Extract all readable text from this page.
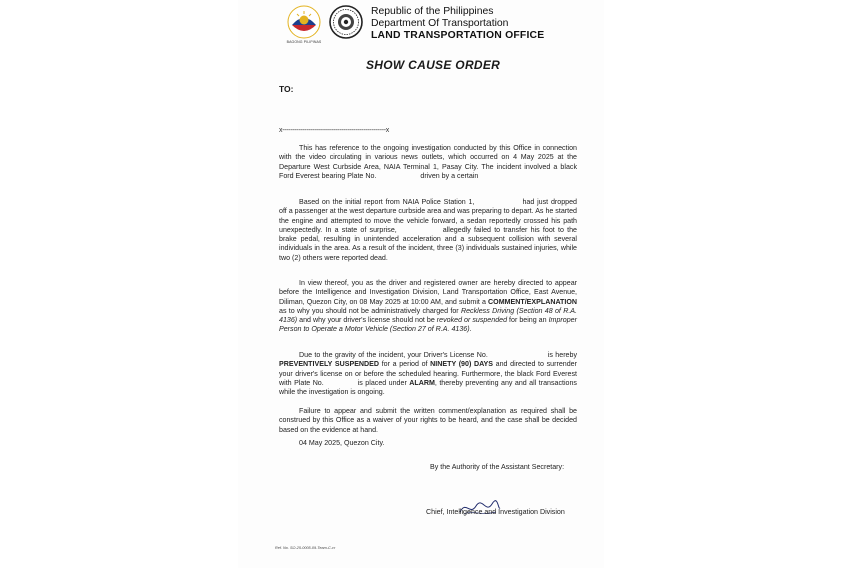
BAGONG PILIPINAS
Republic of the Philippines
Department Of Transportation
LAND TRANSPORTATION OFFICE
SHOW CAUSE ORDER
TO:
x---------------------------------------------------x
This has reference to the ongoing investigation conducted by this Office in connection with the video circulating in various news outlets, which occurred on 4 May 2025 at the Departure West Curbside Area, NAIA Terminal 1, Pasay City. The incident involved a black Ford Everest bearing Plate No.	driven by a certain
Based on the initial report from NAIA Police Station 1,	had just dropped off a passenger at the west departure curbside area and was preparing to depart. As he started the engine and attempted to move the vehicle forward, a sedan reportedly crossed his path unexpectedly. In a state of surprise,	allegedly failed to transfer his foot to the brake pedal, resulting in unintended acceleration and a subsequent collision with several individuals in the area. As a result of the incident, three (3) individuals sustained injuries, while two (2) others were reported dead.
In view thereof, you as the driver and registered owner are hereby directed to appear before the Intelligence and Investigation Division, Land Transportation Office, East Avenue, Diliman, Quezon City, on 08 May 2025 at 10:00 AM, and submit a COMMENT/EXPLANATION as to why you should not be administratively charged for Reckless Driving (Section 48 of R.A. 4136) and why your driver's license should not be revoked or suspended for being an Improper Person to Operate a Motor Vehicle (Section 27 of R.A. 4136).
Due to the gravity of the incident, your Driver's License No.	is hereby PREVENTIVELY SUSPENDED for a period of NINETY (90) DAYS and directed to surrender your driver's license on or before the scheduled hearing. Furthermore, the black Ford Everest with Plate No.	is placed under ALARM, thereby preventing any and all transactions while the investigation is ongoing.
Failure to appear and submit the written comment/explanation as required shall be construed by this Office as a waiver of your rights to be heard, and the case shall be decided based on the evidence at hand.
04 May 2025, Quezon City.
By the Authority of the Assistant Secretary:
Chief, Intelligence and Investigation Division
Ref. No. SO-25-0005-09-Team-C-cr
